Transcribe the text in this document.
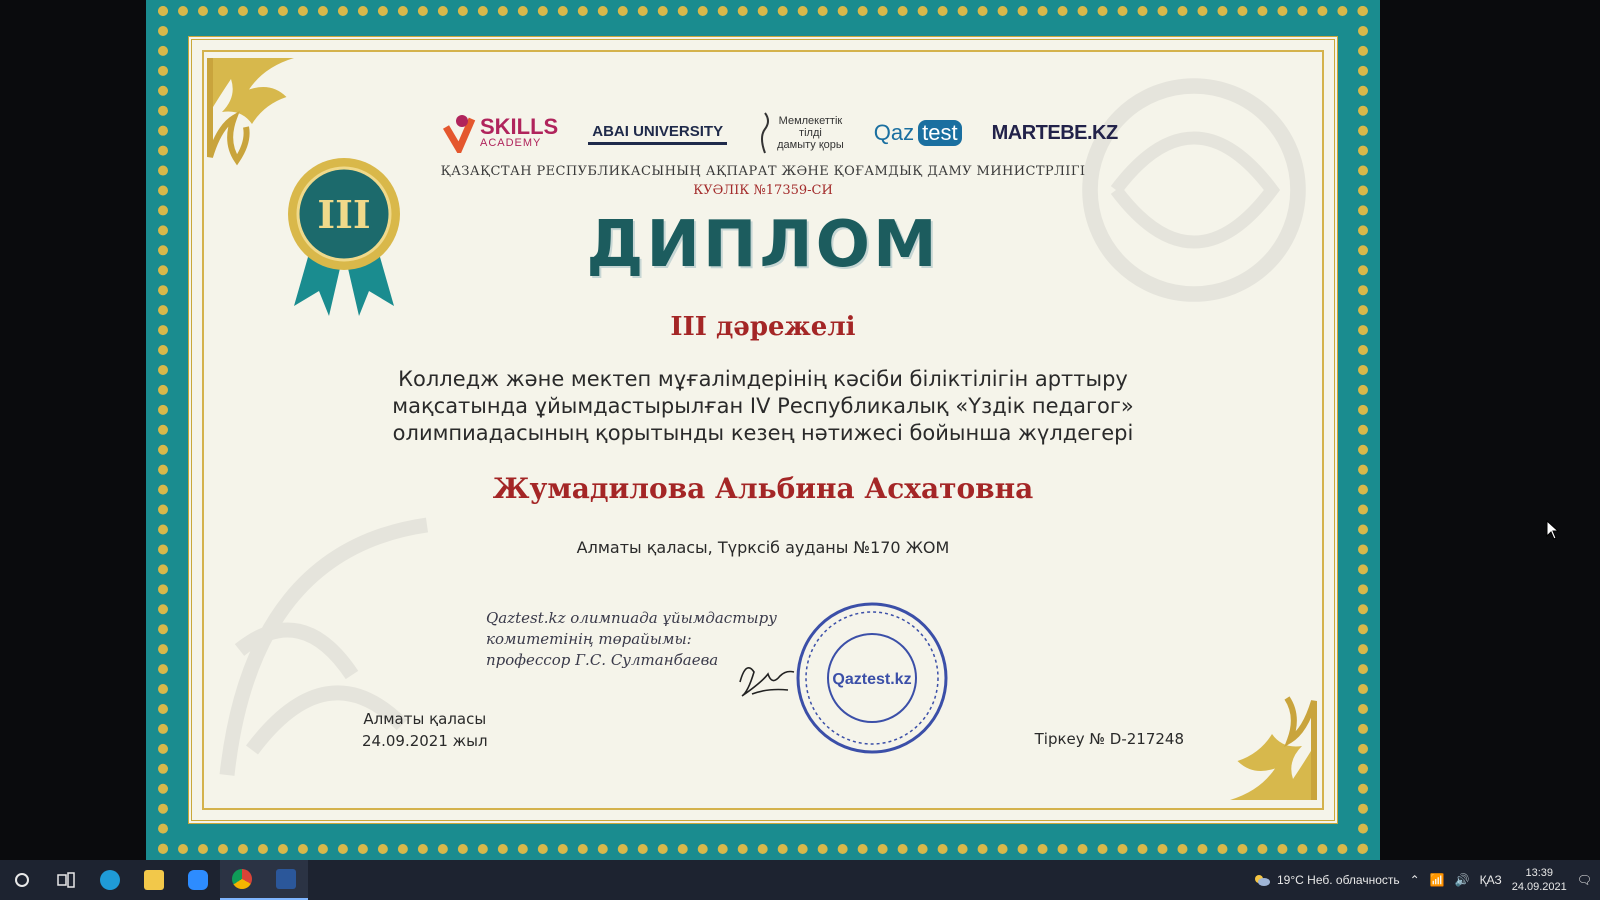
III
SKILLS
ACADEMY
ABAI UNIVERSITY
Мемлекеттік
тілді
дамыту қоры Qaz test MARTEBE.KZ
ҚАЗАҚСТАН РЕСПУБЛИКАСЫНЫҢ АҚПАРАТ ЖӘНЕ ҚОҒАМДЫҚ ДАМУ МИНИСТРЛІГІ
КУӘЛІК №17359-СИ
ДИПЛОМ
III дәрежелі
Колледж және мектеп мұғалімдерінің кәсіби біліктілігін арттыру
мақсатында ұйымдастырылған IV Республикалық «Үздік педагог»
олимпиадасының қорытынды кезең нәтижесі бойынша жүлдегері
Жумадилова Альбина Асхатовна
Алматы қаласы, Түрксіб ауданы №170 ЖОМ
Qaztest.kz олимпиада ұйымдастыру
комитетінің төрайымы:
профессор Г.С. Султанбаева
Qaztest.kz
Алматы қаласы
24.09.2021 жыл	Тіркеу № D-217248
19°C Неб. облачность ⌃ 📶 🔊 ҚАЗ	13:39
24.09.2021 🗨
